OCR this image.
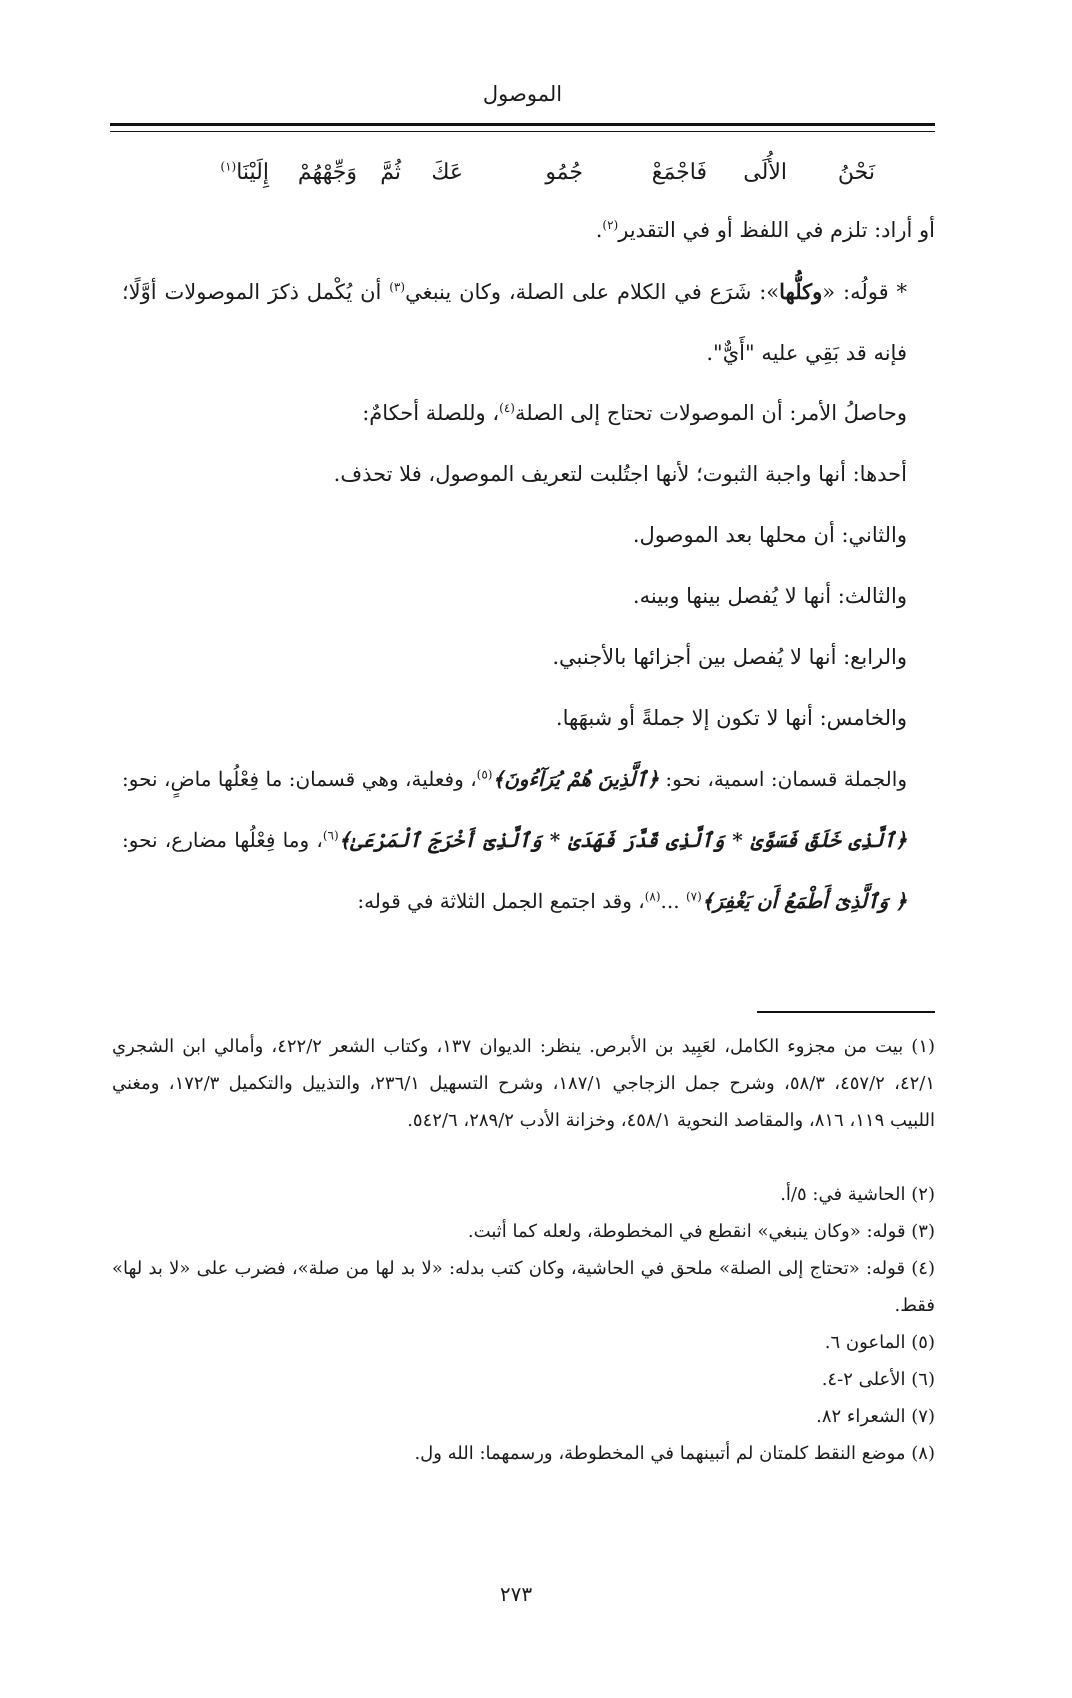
الموصول
نَحْنُ
الأُلَى
فَاجْمَعْ
جُمُو
عَكَ
ثُمَّ
وَجِّهْهُمْ
إِلَيْنَا$^{(١)}$
أو أراد: تلزم في اللفظ أو في التقدير$^{(٢)}$.
* قولُه: «وكلُّها»: شَرَع في الكلام على الصلة، وكان ينبغي$^{(٣)}$ أن يُكْمل ذكرَ الموصولات أوَّلًا؛ فإنه قد بَقِي عليه "أَيٌّ".
وحاصلُ الأمر: أن الموصولات تحتاج إلى الصلة$^{(٤)}$، وللصلة أحكامٌ:
أحدها: أنها واجبة الثبوت؛ لأنها اجتُلبت لتعريف الموصول، فلا تحذف.
والثاني: أن محلها بعد الموصول.
والثالث: أنها لا يُفصل بينها وبينه.
والرابع: أنها لا يُفصل بين أجزائها بالأجنبي.
والخامس: أنها لا تكون إلا جملةً أو شبهَها.
والجملة قسمان: اسمية، نحو: ﴿ٱلَّذِينَ هُمْ يُرَآءُونَ﴾$^{(٥)}$، وفعلية، وهي قسمان: ما فِعْلُها ماضٍ، نحو: ﴿ٱلَّذِى خَلَقَ فَسَوَّىٰ * وَٱلَّذِى قَدَّرَ فَهَدَىٰ * وَٱلَّذِىٓ أَخْرَجَ ٱلْمَرْعَىٰ﴾$^{(٦)}$، وما فِعْلُها مضارع، نحو: ﴿ وَٱلَّذِىٓ أَطْمَعُ أَن يَغْفِرَ﴾$^{(٧)}$ ...$^{(٨)}$، وقد اجتمع الجمل الثلاثة في قوله:
(١) بيت من مجزوء الكامل، لعَبِيد بن الأبرص. ينظر: الديوان ١٣٧، وكتاب الشعر ٤٢٢/٢، وأمالي ابن الشجري ٤٢/١، ٤٥٧/٢، ٥٨/٣، وشرح جمل الزجاجي ١٨٧/١، وشرح التسهيل ٢٣٦/١، والتذييل والتكميل ١٧٢/٣، ومغني اللبيب ١١٩، ٨١٦، والمقاصد النحوية ٤٥٨/١، وخزانة الأدب ٢٨٩/٢، ٥٤٢/٦.
(٢) الحاشية في: ٥/أ.
(٣) قوله: «وكان ينبغي» انقطع في المخطوطة، ولعله كما أثبت.
(٤) قوله: «تحتاج إلى الصلة» ملحق في الحاشية، وكان كتب بدله: «لا بد لها من صلة»، فضرب على «لا بد لها» فقط.
(٥) الماعون ٦.
(٦) الأعلى ٢-٤.
(٧) الشعراء ٨٢.
(٨) موضع النقط كلمتان لم أتبينهما في المخطوطة، ورسمهما: الله ول.
٢٧٣
